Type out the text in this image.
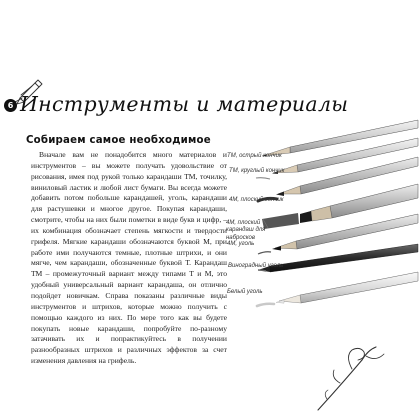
6 Инструменты и материалы
Собираем самое необходимое

Вначале вам не понадобится много материалов и инструментов – вы можете получать удовольствие от рисования, имея под рукой только карандаши ТМ, точилку, виниловый ластик и любой лист бумаги. Вы всегда можете добавить потом побольше карандашей, уголь, карандаши для растушевки и многое другое. Покупая карандаши, смотрите, чтобы на них были пометки в виде букв и цифр, – их комбинация обозначает степень мягкости и твердости грифеля. Мягкие карандаши обозначаются буквой М, при работе ими получаются темные, плотные штрихи, и они мягче, чем карандаши, обозначенные буквой Т. Карандаш ТМ – промежуточный вариант между типами Т и М, это удобный универсальный вариант карандаша, он отлично подойдет новичкам. Справа показаны различные виды инструментов и штрихов, которые можно получить с помощью каждого из них. По мере того как вы будете покупать новые карандаши, попробуйте по-разному затачивать их и попрактикуйтесь в получении разнообразных штрихов и различных эффектов за счет изменения давления на грифель.

ТМ, острый кончик
ТМ, круглый кончик
4М, плоский кончик
4М, плоский карандаш для набросков
4М, уголь
Виноградный уголь
Белый уголь
